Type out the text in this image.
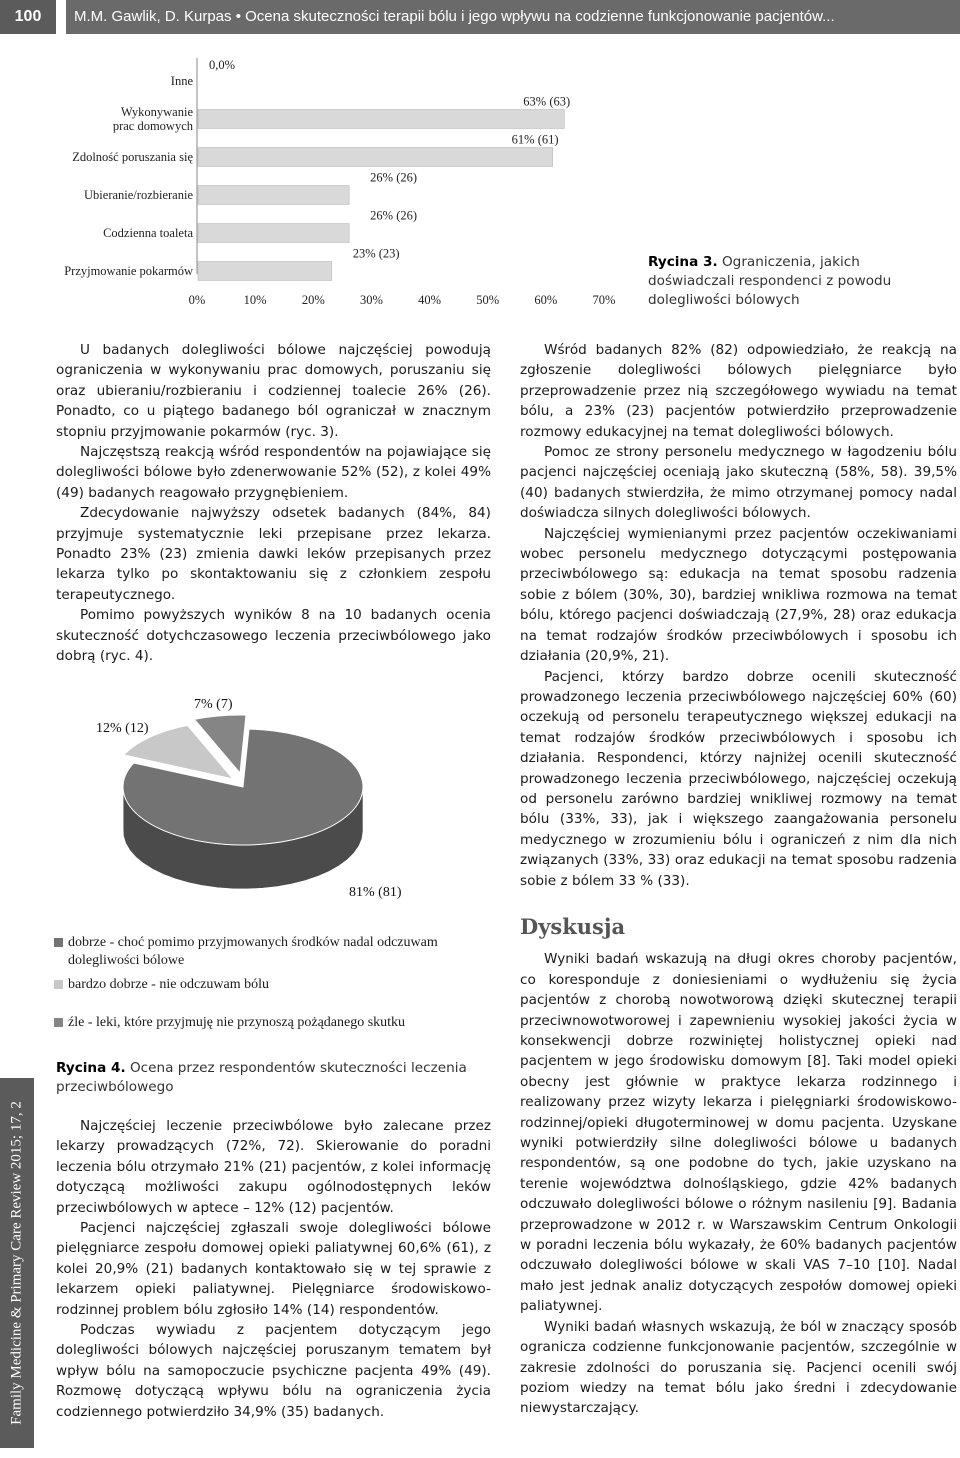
100	M.M. Gawlik, D. Kurpas • Ocena skuteczności terapii bólu i jego wpływu na codzienne funkcjonowanie pacjentów...
Family Medicine & Primary Care Review 2015; 17, 2
Inne
Wykonywanie prac domowych
Zdolność poruszania się
Ubieranie/rozbieranie
Codzienna toaleta
Przyjmowanie pokarmów
0%	10%	20%	30%	40%	50%	60%	70%
0,0%
63% (63)
61% (61)
26% (26)
26% (26)
23% (23)
Rycina 3. Ograniczenia, jakich doświadczali respondenci z powodu dolegliwości bólowych

U badanych dolegliwości bólowe najczęściej powodują ograniczenia w wykonywaniu prac domowych, poruszaniu się oraz ubieraniu/rozbieraniu i codziennej toalecie 26% (26). Ponadto, co u piątego badanego ból ograniczał w znacznym stopniu przyjmowanie pokarmów (ryc. 3).

Najczęstszą reakcją wśród respondentów na pojawiające się dolegliwości bólowe było zdenerwowanie 52% (52), z kolei 49% (49) badanych reagowało przygnębieniem.

Zdecydowanie najwyższy odsetek badanych (84%, 84) przyjmuje systematycznie leki przepisane przez lekarza. Ponadto 23% (23) zmienia dawki leków przepisanych przez lekarza tylko po skontaktowaniu się z członkiem zespołu terapeutycznego.

Pomimo powyższych wyników 8 na 10 badanych ocenia skuteczność dotychczasowego leczenia przeciwbólowego jako dobrą (ryc. 4).

12% (12)
7% (7)
81% (81)
dobrze - choć pomimo przyjmowanych środków nadal odczuwam dolegliwości bólowe
bardzo dobrze - nie odczuwam bólu
źle - leki, które przyjmuję nie przynoszą pożądanego skutku
Rycina 4. Ocena przez respondentów skuteczności leczenia przeciwbólowego

Najczęściej leczenie przeciwbólowe było zalecane przez lekarzy prowadzących (72%, 72). Skierowanie do poradni leczenia bólu otrzymało 21% (21) pacjentów, z kolei informację dotyczącą możliwości zakupu ogólnodostępnych leków przeciwbólowych w aptece – 12% (12) pacjentów.

Pacjenci najczęściej zgłaszali swoje dolegliwości bólowe pielęgniarce zespołu domowej opieki paliatywnej 60,6% (61), z kolei 20,9% (21) badanych kontaktowało się w tej sprawie z lekarzem opieki paliatywnej. Pielęgniarce środowiskowo-rodzinnej problem bólu zgłosiło 14% (14) respondentów.

Podczas wywiadu z pacjentem dotyczącym jego dolegliwości bólowych najczęściej poruszanym tematem był wpływ bólu na samopoczucie psychiczne pacjenta 49% (49). Rozmowę dotyczącą wpływu bólu na ograniczenia życia codziennego potwierdziło 34,9% (35) badanych.

Wśród badanych 82% (82) odpowiedziało, że reakcją na zgłoszenie dolegliwości bólowych pielęgniarce było przeprowadzenie przez nią szczegółowego wywiadu na temat bólu, a 23% (23) pacjentów potwierdziło przeprowadzenie rozmowy edukacyjnej na temat dolegliwości bólowych.

Pomoc ze strony personelu medycznego w łagodzeniu bólu pacjenci najczęściej oceniają jako skuteczną (58%, 58). 39,5% (40) badanych stwierdziła, że mimo otrzymanej pomocy nadal doświadcza silnych dolegliwości bólowych.

Najczęściej wymienianymi przez pacjentów oczekiwaniami wobec personelu medycznego dotyczącymi postępowania przeciwbólowego są: edukacja na temat sposobu radzenia sobie z bólem (30%, 30), bardziej wnikliwa rozmowa na temat bólu, którego pacjenci doświadczają (27,9%, 28) oraz edukacja na temat rodzajów środków przeciwbólowych i sposobu ich działania (20,9%, 21).

Pacjenci, którzy bardzo dobrze ocenili skuteczność prowadzonego leczenia przeciwbólowego najczęściej 60% (60) oczekują od personelu terapeutycznego większej edukacji na temat rodzajów środków przeciwbólowych i sposobu ich działania. Respondenci, którzy najniżej ocenili skuteczność prowadzonego leczenia przeciwbólowego, najczęściej oczekują od personelu zarówno bardziej wnikliwej rozmowy na temat bólu (33%, 33), jak i większego zaangażowania personelu medycznego w zrozumieniu bólu i ograniczeń z nim dla nich związanych (33%, 33) oraz edukacji na temat sposobu radzenia sobie z bólem 33 % (33).

Dyskusja

Wyniki badań wskazują na długi okres choroby pacjentów, co koresponduje z doniesieniami o wydłużeniu się życia pacjentów z chorobą nowotworową dzięki skutecznej terapii przeciwnowotworowej i zapewnieniu wysokiej jakości życia w konsekwencji dobrze rozwiniętej holistycznej opieki nad pacjentem w jego środowisku domowym [8]. Taki model opieki obecny jest głównie w praktyce lekarza rodzinnego i realizowany przez wizyty lekarza i pielęgniarki środowiskowo-rodzinnej/opieki długoterminowej w domu pacjenta. Uzyskane wyniki potwierdziły silne dolegliwości bólowe u badanych respondentów, są one podobne do tych, jakie uzyskano na terenie województwa dolnośląskiego, gdzie 42% badanych odczuwało dolegliwości bólowe o różnym nasileniu [9]. Badania przeprowadzone w 2012 r. w Warszawskim Centrum Onkologii w poradni leczenia bólu wykazały, że 60% badanych pacjentów odczuwało dolegliwości bólowe w skali VAS 7–10 [10]. Nadal mało jest jednak analiz dotyczących zespołów domowej opieki paliatywnej.

Wyniki badań własnych wskazują, że ból w znaczący sposób ogranicza codzienne funkcjonowanie pacjentów, szczególnie w zakresie zdolności do poruszania się. Pacjenci ocenili swój poziom wiedzy na temat bólu jako średni i zdecydowanie niewystarczający.
